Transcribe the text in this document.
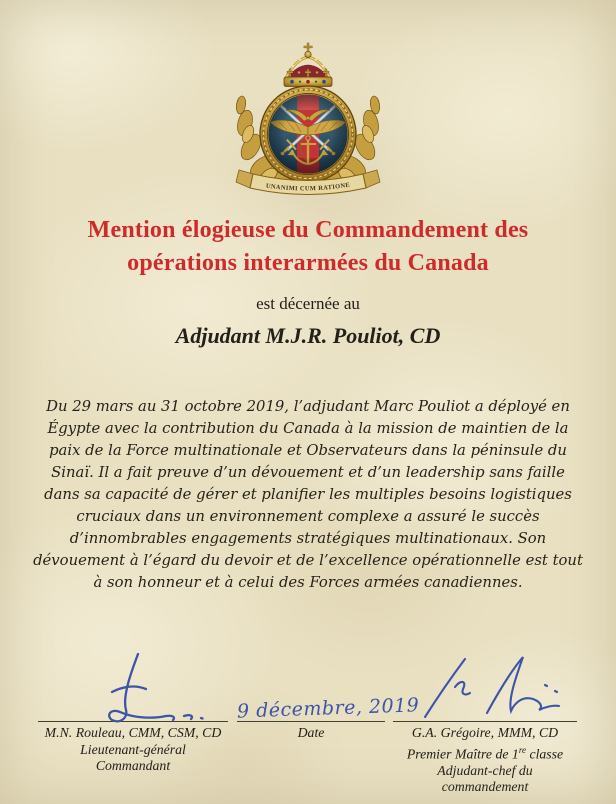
UNANIMI CUM RATIONE
Mention élogieuse du Commandement des
opérations interarmées du Canada

est décernée au

Adjudant M.J.R. Pouliot, CD

Du 29 mars au 31 octobre 2019, l’adjudant Marc Pouliot a déployé en Égypte avec la contribution du Canada à la mission de maintien de la paix de la Force multinationale et Observateurs dans la péninsule du Sinaï. Il a fait preuve d’un dévouement et d’un leadership sans faille dans sa capacité de gérer et planifier les multiples besoins logistiques cruciaux dans un environnement complexe a assuré le succès d’innombrables engagements stratégiques multinationaux. Son dévouement à l’égard du devoir et de l’excellence opérationnelle est tout à son honneur et à celui des Forces armées canadiennes.

M.N. Rouleau, CMM, CSM, CD
Lieutenant-général
Commandant
9 décembre, 2019
Date	G.A. Grégoire, MMM, CD
Premier Maître de 1re classe
Adjudant-chef du commandement
